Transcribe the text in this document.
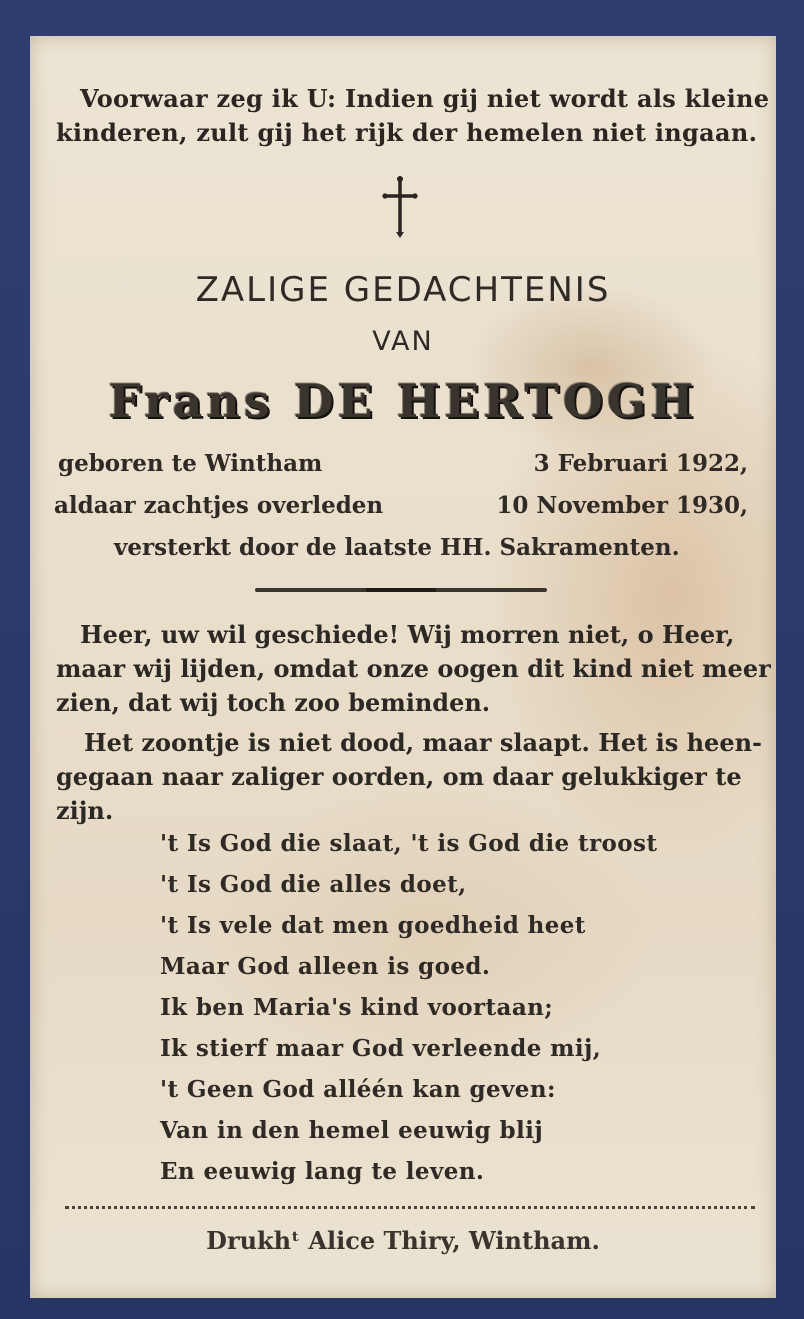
Voorwaar zeg ik U: Indien gij niet wordt als kleine
kinderen, zult gij het rijk der hemelen niet ingaan.
ZALIGE GEDACHTENIS
VAN
Frans DE HERTOGH
geboren te Wintham	3 Februari 1922,
aldaar zachtjes overleden	10 November 1930,
versterkt door de laatste HH. Sakramenten.
Heer, uw wil geschiede! Wij morren niet, o Heer,
maar wij lijden, omdat onze oogen dit kind niet meer
zien, dat wij toch zoo beminden.
Het zoontje is niet dood, maar slaapt. Het is heen-
gegaan naar zaliger oorden, om daar gelukkiger te
zijn.
't Is God die slaat, 't is God die troost
't Is God die alles doet,
't Is vele dat men goedheid heet
Maar God alleen is goed.
Ik ben Maria's kind voortaan;
Ik stierf maar God verleende mij,
't Geen God alléén kan geven:
Van in den hemel eeuwig blij
En eeuwig lang te leven.
Drukhᵗ Alice Thiry, Wintham.
